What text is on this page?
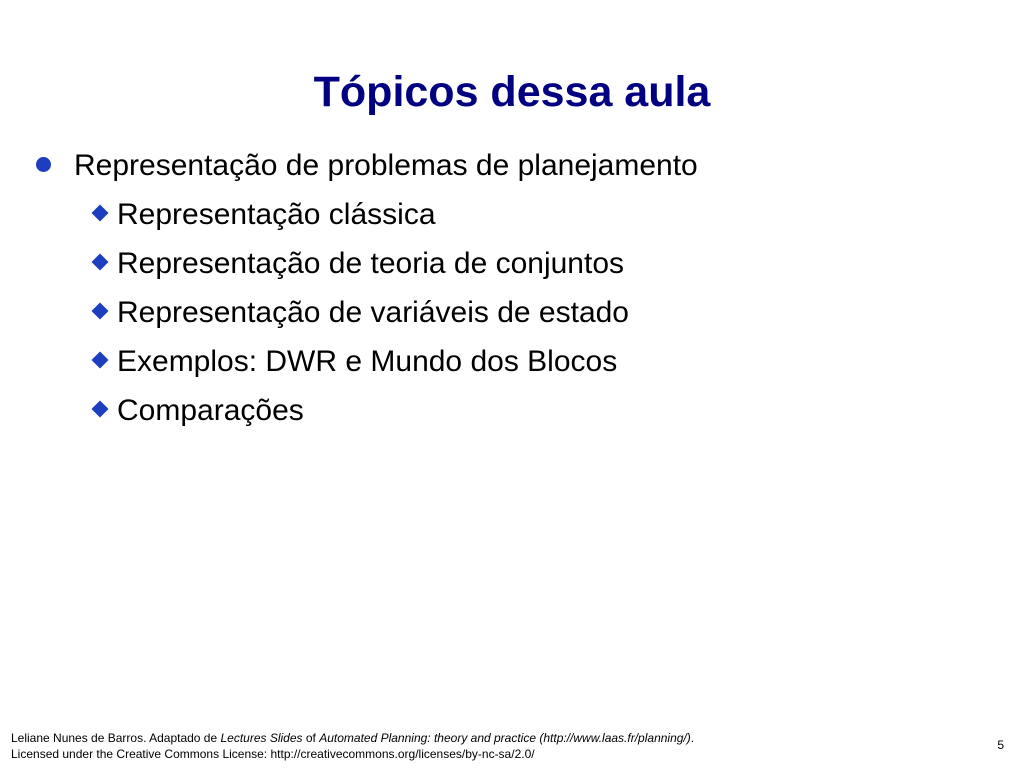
Tópicos dessa aula
Representação de problemas de planejamento
Representação clássica
Representação de teoria de conjuntos
Representação de variáveis de estado
Exemplos: DWR e Mundo dos Blocos
Comparações
Leliane Nunes de Barros. Adaptado de Lectures Slides of Automated Planning: theory and practice (http://www.laas.fr/planning/).
Licensed under the Creative Commons License: http://creativecommons.org/licenses/by-nc-sa/2.0/
5
